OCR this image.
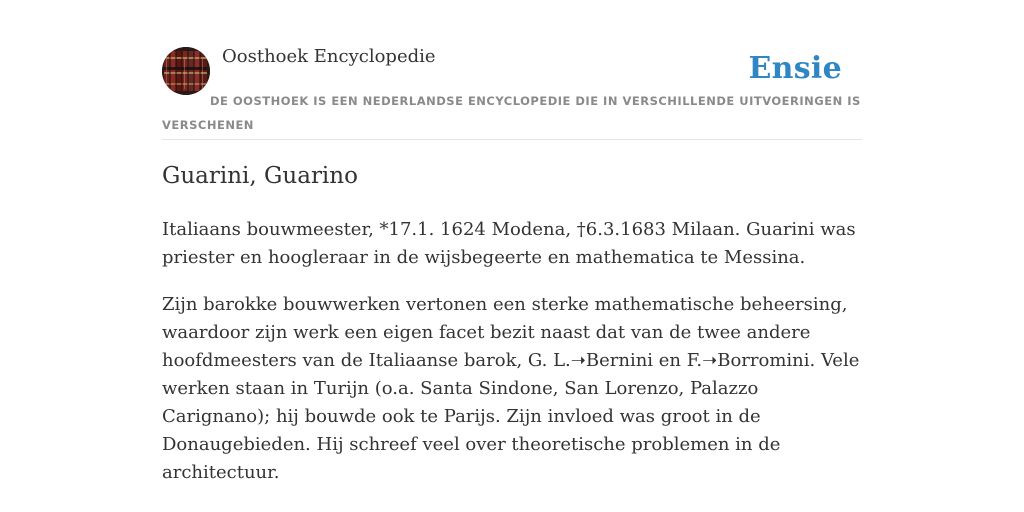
Oosthoek Encyclopedie	Ensie
DE OOSTHOEK IS EEN NEDERLANDSE ENCYCLOPEDIE DIE IN VERSCHILLENDE UITVOERINGEN IS VERSCHENEN
Guarini, Guarino

Italiaans bouwmeester, *17.1. 1624 Modena, †6.3.1683 Milaan. Guarini was priester en hoogleraar in de wijsbegeerte en mathematica te Messina.

Zijn barokke bouwwerken vertonen een sterke mathematische beheersing, waardoor zijn werk een eigen facet bezit naast dat van de twee andere hoofdmeesters van de Italiaanse barok, G. L.➝Bernini en F.➝Borromini. Vele werken staan in Turijn (o.a. Santa Sindone, San Lorenzo, Palazzo Carignano); hij bouwde ook te Parijs. Zijn invloed was groot in de Donaugebieden. Hij schreef veel over theoretische problemen in de architectuur.
